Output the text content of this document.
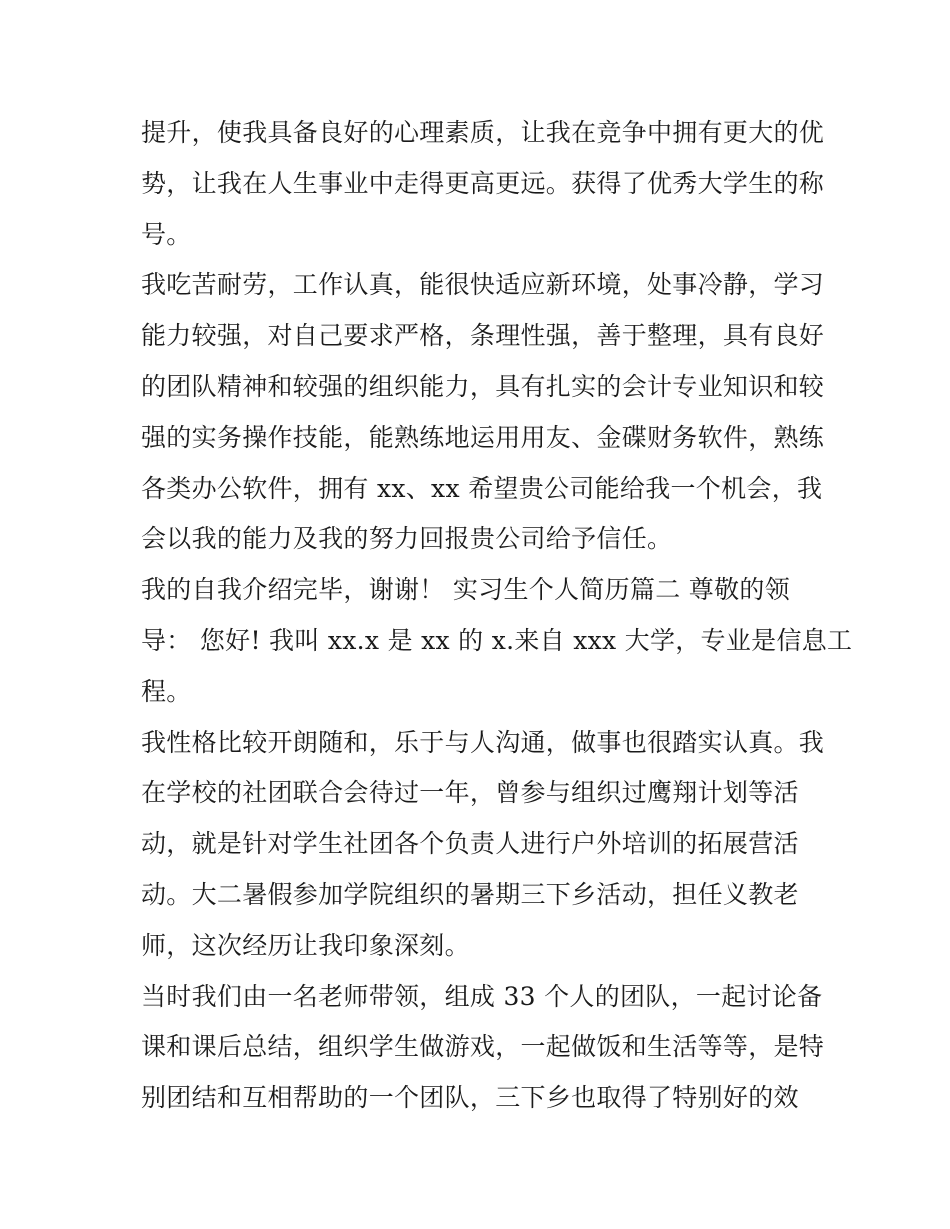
提升，使我具备良好的心理素质，让我在竞争中拥有更大的优
势，让我在人生事业中走得更高更远。获得了优秀大学生的称
号。
我吃苦耐劳，工作认真，能很快适应新环境，处事冷静，学习
能力较强，对自己要求严格，条理性强，善于整理，具有良好
的团队精神和较强的组织能力，具有扎实的会计专业知识和较
强的实务操作技能，能熟练地运用用友、金碟财务软件，熟练
各类办公软件，拥有 xx、xx 希望贵公司能给我一个机会，我
会以我的能力及我的努力回报贵公司给予信任。
我的自我介绍完毕，谢谢！ 实习生个人简历篇二 尊敬的领
导： 您好! 我叫 xx.x 是 xx 的 x.来自 xxx 大学，专业是信息工
程。
我性格比较开朗随和，乐于与人沟通，做事也很踏实认真。我
在学校的社团联合会待过一年，曾参与组织过鹰翔计划等活
动，就是针对学生社团各个负责人进行户外培训的拓展营活
动。大二暑假参加学院组织的暑期三下乡活动，担任义教老
师，这次经历让我印象深刻。
当时我们由一名老师带领，组成 33 个人的团队，一起讨论备
课和课后总结，组织学生做游戏，一起做饭和生活等等，是特
别团结和互相帮助的一个团队，三下乡也取得了特别好的效
